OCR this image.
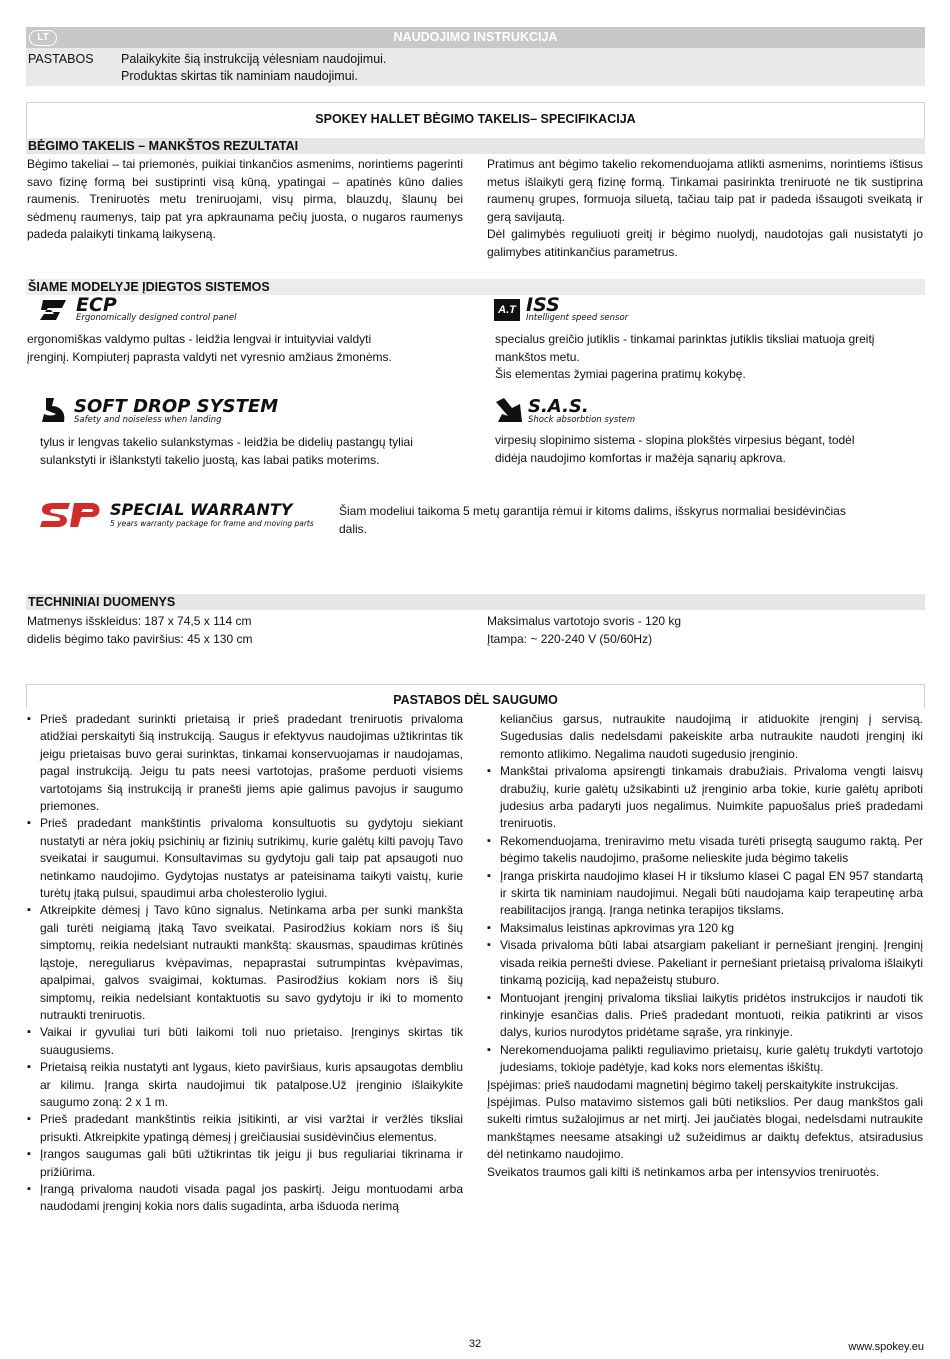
LT	NAUDOJIMO INSTRUKCIJA
PASTABOS Palaikykite šią instrukciją vėlesniam naudojimui.
Produktas skirtas tik naminiam naudojimui.
SPOKEY HALLET BĖGIMO TAKELIS– SPECIFIKACIJA
BĖGIMO TAKELIS – MANKŠTOS REZULTATAI
Bėgimo takeliai – tai priemonės, puikiai tinkančios asmenims, norintiems pagerinti savo fizinę formą bei sustiprinti visą kūną, ypatingai – apatinės kūno dalies raumenis. Treniruotės metu treniruojami, visų pirma, blauzdų, šlaunų bei sėdmenų raumenys, taip pat yra apkraunama pečių juosta, o nugaros raumenys padeda palaikyti tinkamą laikyseną.

Pratimus ant bėgimo takelio rekomenduojama atlikti asmenims, norintiems ištisus metus išlaikyti gerą fizinę formą. Tinkamai pasirinkta treniruotė ne tik sustiprina raumenų grupes, formuoja siluetą, tačiau taip pat ir padeda išsaugoti sveikatą ir gerą savijautą.

Dėl galimybės reguliuoti greitį ir bėgimo nuolydį, naudotojas gali nusistatyti jo galimybes atitinkančius parametrus.

ŠIAME MODELYJE ĮDIEGTOS SISTEMOS
ECP
Ergonomically designed control panel

ergonomiškas valdymo pultas - leidžia lengvai ir intuityviai valdyti

įrenginį. Kompiuterį paprasta valdyti net vyresnio amžiaus žmonėms.

A.T ISS
Intelligent speed sensor

specialus greičio jutiklis - tinkamai parinktas jutiklis tiksliai matuoja greitį

mankštos metu.

Šis elementas žymiai pagerina pratimų kokybę.

SOFT DROP SYSTEM
Safety and noiseless when landing

tylus ir lengvas takelio sulankstymas - leidžia be didelių pastangų tyliai

sulankstyti ir išlankstyti takelio juostą, kas labai patiks moterims.

S.A.S.
Shock absorbtion system

virpesių slopinimo sistema - slopina plokštės virpesius bėgant, todėl

didėja naudojimo komfortas ir mažėja sąnarių apkrova.

SPECIAL WARRANTY
5 years warranty package for frame and moving parts

Šiam modeliui taikoma 5 metų garantija rėmui ir kitoms dalims, išskyrus normaliai besidėvinčias

dalis.

TECHNINIAI DUOMENYS

Matmenys išskleidus: 187 x 74,5 x 114 cm

didelis bėgimo tako paviršius: 45 x 130 cm

Maksimalus vartotojo svoris - 120 kg

Įtampa: ~ 220-240 V (50/60Hz)

PASTABOS DĖL SAUGUMO
▪ Prieš pradedant surinkti prietaisą ir prieš pradedant treniruotis privaloma atidžiai perskaityti šią instrukciją. Saugus ir efektyvus naudojimas užtikrintas tik jeigu prietaisas buvo gerai surinktas, tinkamai konservuojamas ir naudojamas, pagal instrukciją. Jeigu tu pats neesi vartotojas, prašome perduoti visiems vartotojams šią instrukciją ir pranešti jiems apie galimus pavojus ir saugumo priemones.
▪ Prieš pradedant mankštintis privaloma konsultuotis su gydytoju siekiant nustatyti ar nėra jokių psichinių ar fizinių sutrikimų, kurie galėtų kilti pavojų Tavo sveikatai ir saugumui. Konsultavimas su gydytoju gali taip pat apsaugoti nuo netinkamo naudojimo. Gydytojas nustatys ar pateisinama taikyti vaistų, kurie turėtų įtaką pulsui, spaudimui arba cholesterolio lygiui.
▪ Atkreipkite dėmesį į Tavo kūno signalus. Netinkama arba per sunki mankšta gali turėti neigiamą įtaką Tavo sveikatai. Pasirodžius kokiam nors iš šių simptomų, reikia nedelsiant nutraukti mankštą: skausmas, spaudimas krūtinės ląstoje, nereguliarus kvėpavimas, nepaprastai sutrumpintas kvėpavimas, apalpimai, galvos svaigimai, koktumas. Pasirodžius kokiam nors iš šių simptomų, reikia nedelsiant kontaktuotis su savo gydytoju ir iki to momento nutraukti treniruotis.
▪ Vaikai ir gyvuliai turi būti laikomi toli nuo prietaiso. Įrenginys skirtas tik suaugusiems.
▪ Prietaisą reikia nustatyti ant lygaus, kieto paviršiaus, kuris apsaugotas dembliu ar kilimu. Įranga skirta naudojimui tik patalpose.Už įrenginio išlaikykite saugumo zoną: 2 x 1 m.
▪ Prieš pradedant mankštintis reikia įsitikinti, ar visi varžtai ir veržlės tiksliai prisukti. Atkreipkite ypatingą dėmesį į greičiausiai susidėvinčius elementus.
▪ Įrangos saugumas gali būti užtikrintas tik jeigu ji bus reguliariai tikrinama ir prižiūrima.
▪ Įrangą privaloma naudoti visada pagal jos paskirtį. Jeigu montuodami arba naudodami įrenginį kokia nors dalis sugadinta, arba išduoda nerimą
keliančius garsus, nutraukite naudojimą ir atiduokite įrenginį į servisą. Sugedusias dalis nedelsdami pakeiskite arba nutraukite naudoti įrenginį iki remonto atlikimo. Negalima naudoti sugedusio įrenginio.
▪ Mankštai privaloma apsirengti tinkamais drabužiais. Privaloma vengti laisvų drabužių, kurie galėtų užsikabinti už įrenginio arba tokie, kurie galėtų apriboti judesius arba padaryti juos negalimus. Nuimkite papuošalus prieš pradedami treniruotis.
▪ Rekomenduojama, treniravimo metu visada turėti prisegtą saugumo raktą. Per bėgimo takelis naudojimo, prašome nelieskite juda bėgimo takelis
▪ Įranga priskirta naudojimo klasei H ir tikslumo klasei C pagal EN 957 standartą ir skirta tik naminiam naudojimui. Negali būti naudojama kaip terapeutinę arba reabilitacijos įrangą. Įranga netinka terapijos tikslams.
▪ Maksimalus leistinas apkrovimas yra 120 kg
▪ Visada privaloma būti labai atsargiam pakeliant ir pernešiant įrenginį. Įrenginį visada reikia pernešti dviese. Pakeliant ir pernešiant prietaisą privaloma išlaikyti tinkamą poziciją, kad nepažeistų stuburo.
▪ Montuojant įrenginį privaloma tiksliai laikytis pridėtos instrukcijos ir naudoti tik rinkinyje esančias dalis. Prieš pradedant montuoti, reikia patikrinti ar visos dalys, kurios nurodytos pridėtame sąraše, yra rinkinyje.
▪ Nerekomenduojama palikti reguliavimo prietaisų, kurie galėtų trukdyti vartotojo judesiams, tokioje padėtyje, kad koks nors elementas iškištų.
Įspėjimas: prieš naudodami magnetinį bėgimo takelį perskaitykite instrukcijas.
Įspėjimas. Pulso matavimo sistemos gali būti netikslios. Per daug mankštos gali sukelti rimtus sužalojimus ar net mirtį. Jei jaučiatės blogai, nedelsdami nutraukite mankštąmes neesame atsakingi už sužeidimus ar daiktų defektus, atsiradusius dėl netinkamo naudojimo.
Sveikatos traumos gali kilti iš netinkamos arba per intensyvios treniruotės.
32	www.spokey.eu
